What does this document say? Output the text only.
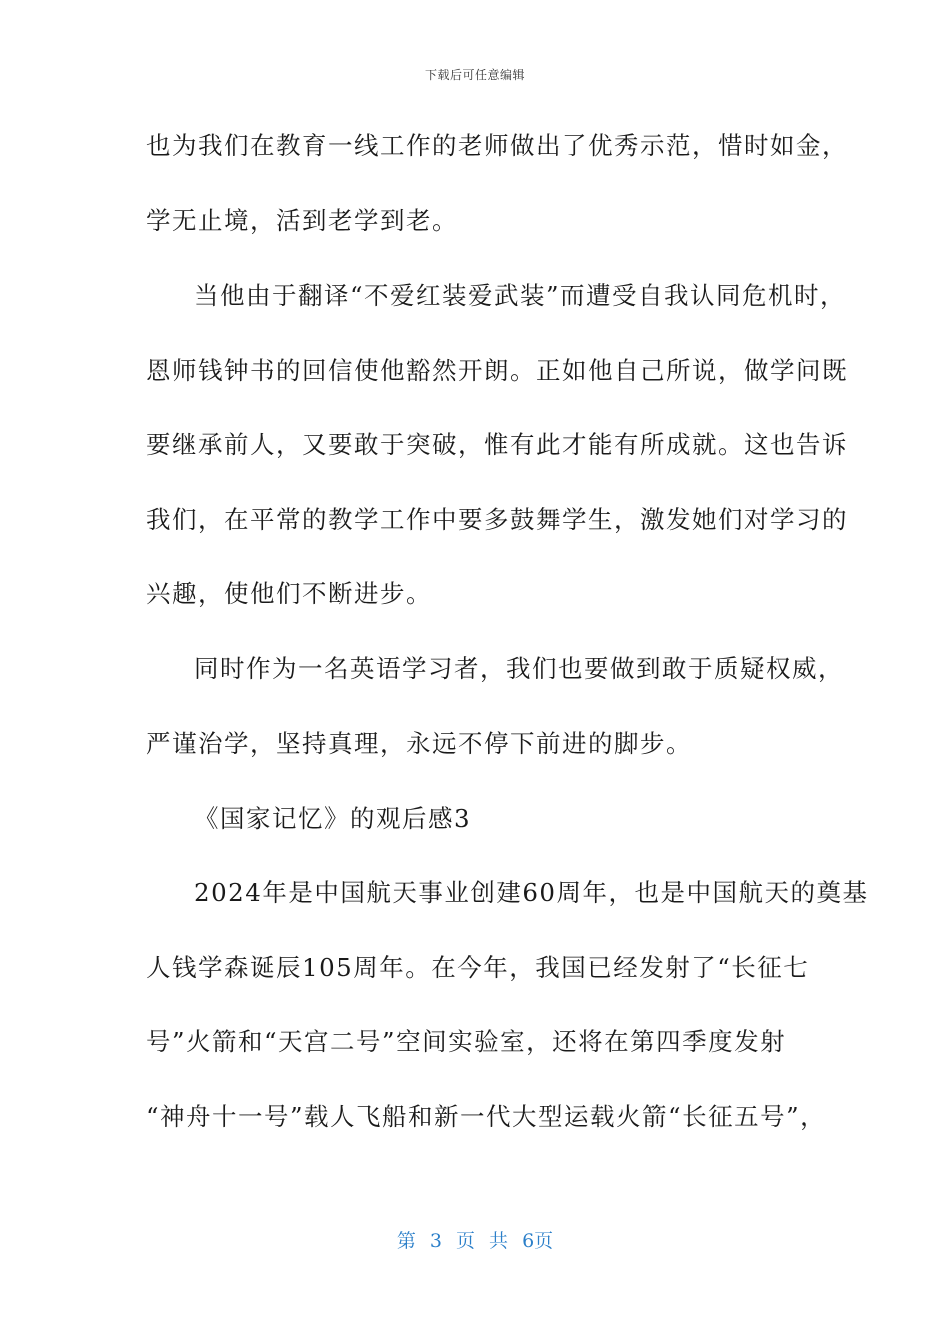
下载后可任意编辑
也为我们在教育一线工作的老师做出了优秀示范，惜时如金，
学无止境，活到老学到老。
当他由于翻译“不爱红装爱武装”而遭受自我认同危机时，
恩师钱钟书的回信使他豁然开朗。正如他自己所说，做学问既
要继承前人，又要敢于突破，惟有此才能有所成就。这也告诉
我们，在平常的教学工作中要多鼓舞学生，激发她们对学习的
兴趣，使他们不断进步。
同时作为一名英语学习者，我们也要做到敢于质疑权威，
严谨治学，坚持真理，永远不停下前进的脚步。
《国家记忆》的观后感3
2024年是中国航天事业创建60周年，也是中国航天的奠基
人钱学森诞辰105周年。在今年，我国已经发射了“长征七
号”火箭和“天宫二号”空间实验室，还将在第四季度发射
“神舟十一号”载人飞船和新一代大型运载火箭“长征五号”，
第 3 页 共 6页
